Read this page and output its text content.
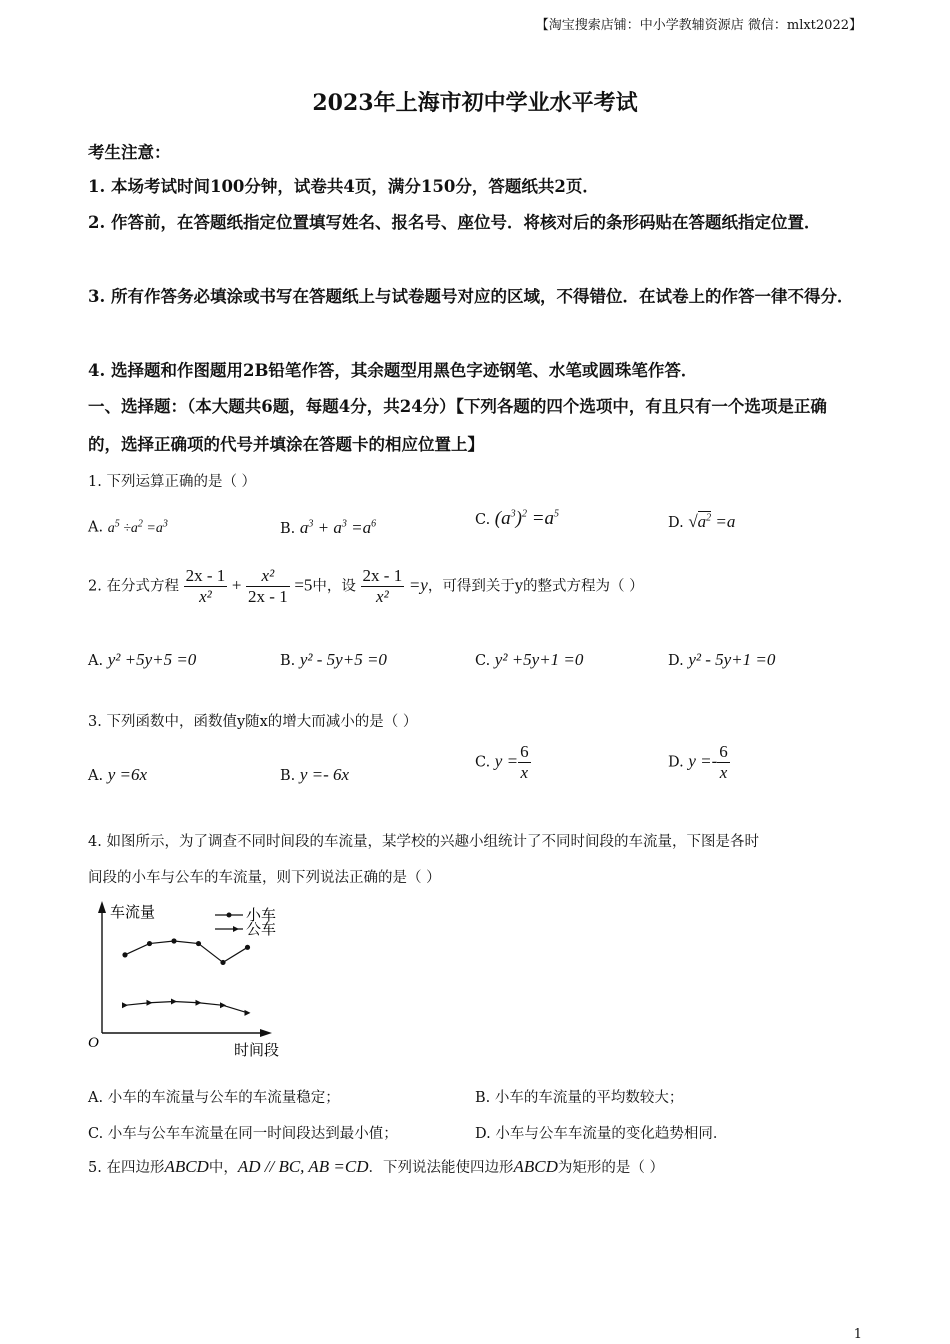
【淘宝搜索店铺：中小学教辅资源店 微信：mlxt2022】
2023年上海市初中学业水平考试
考生注意：
1. 本场考试时间100分钟，试卷共4页，满分150分，答题纸共2页．
2. 作答前，在答题纸指定位置填写姓名、报名号、座位号．将核对后的条形码贴在答题纸指定位置．
3. 所有作答务必填涂或书写在答题纸上与试卷题号对应的区域，不得错位．在试卷上的作答一律不得分．
4. 选择题和作图题用2B铅笔作答，其余题型用黑色字迹钢笔、水笔或圆珠笔作答．
一、选择题：（本大题共6题，每题4分，共24分）【下列各题的四个选项中，有且只有一个选项是正确的，选择正确项的代号并填涂在答题卡的相应位置上】
1. 下列运算正确的是（ ）
A. $a^5 \div a^2 =a^3$	B. $a^3 + a^3 =a^6$	C. $(a^3)^2 =a^5$
D. $√a^2 =a$
2. 在分式方程 $\frac{2x - 1}{\text{x²}} + \frac{\text{x²}}{2x - 1} =5$中，设 $\frac{2x - 1}{\text{x²}} =y$，可得到关于y的整式方程为（ ）
A. y² +5y+5 =0	B. y² - 5y+5 =0	C. y² +5y+1 =0	D. y² - 5y+1 =0
3. 下列函数中，函数值y随x的增大而减小的是（ ）
A. y =6x	B. y =- 6x
C. $y = \frac{6}{x}$	D. $y =- \frac{6}{x}$
4. 如图所示，为了调查不同时间段的车流量，某学校的兴趣小组统计了不同时间段的车流量，下图是各时
间段的小车与公车的车流量，则下列说法正确的是（ ）
车流量
时间段
O
小车
公车
A. 小车的车流量与公车的车流量稳定；	B. 小车的车流量的平均数较大；
C. 小车与公车车流量在同一时间段达到最小值；	D. 小车与公车车流量的变化趋势相同．
5. 在四边形ABCD中，AD // BC, AB =CD．下列说法能使四边形ABCD为矩形的是（ ）
1
